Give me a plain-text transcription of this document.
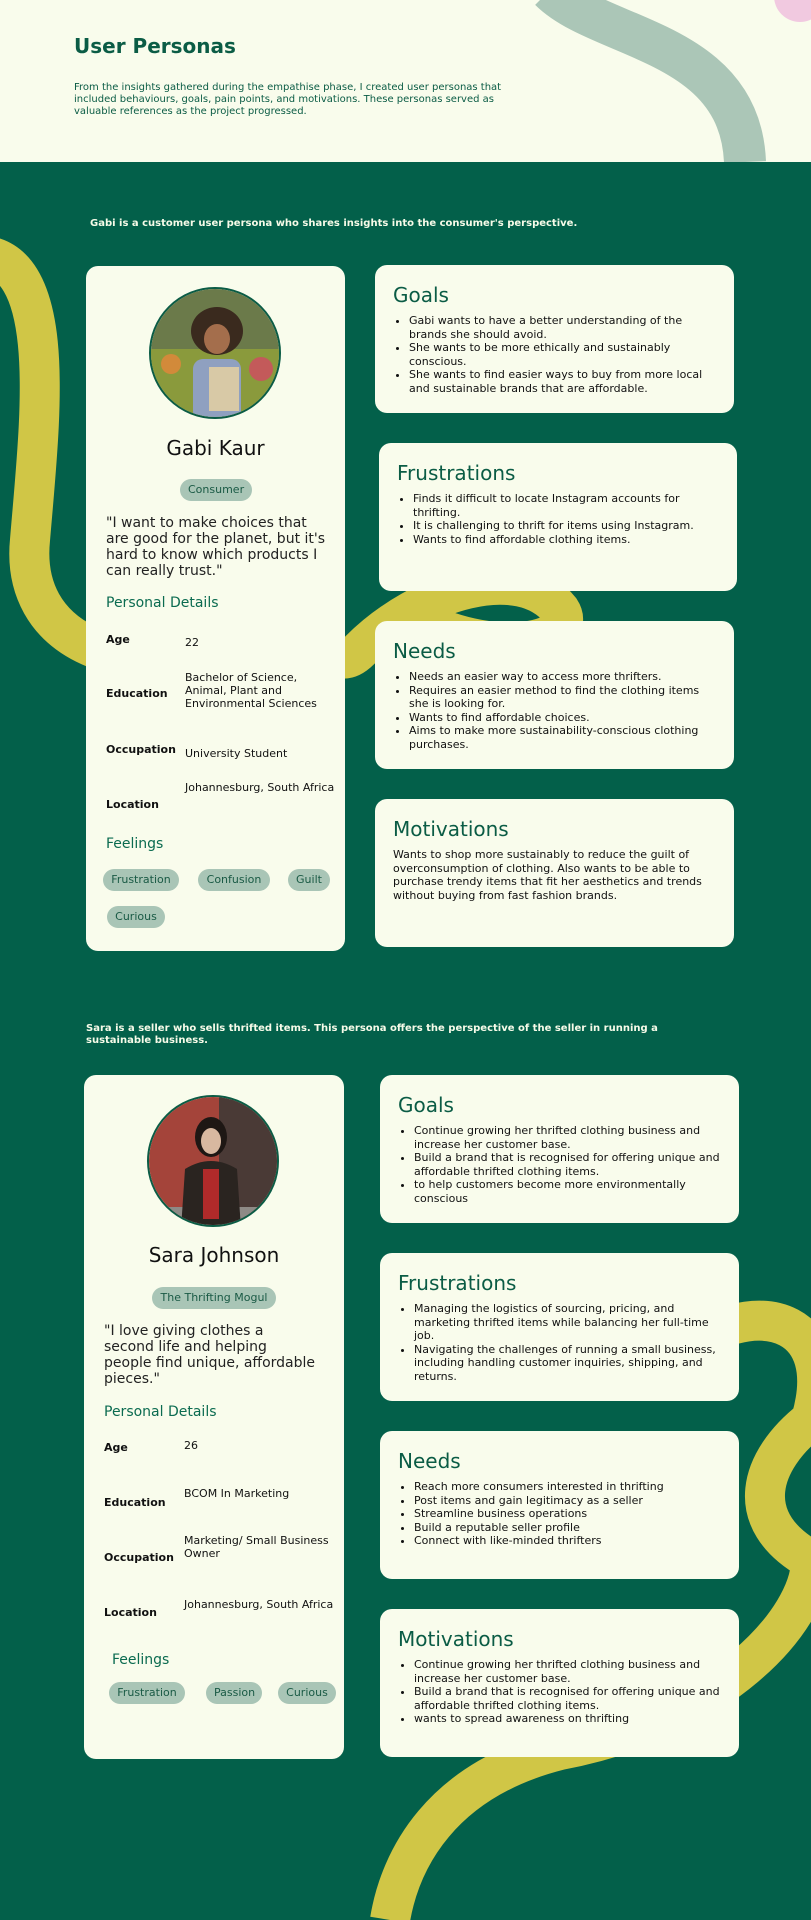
User Personas

From the insights gathered during the empathise phase, I created user personas that included behaviours, goals, pain points, and motivations. These personas served as valuable references as the project progressed.

Gabi is a customer user persona who shares insights into the consumer's perspective.
Gabi Kaur
Consumer
"I want to make choices that are good for the planet, but it's hard to know which products I can really trust."
Personal Details
Age	22
Education
Bachelor of Science, Animal, Plant and Environmental Sciences
Occupation University Student
Location
Johannesburg, South Africa
Feelings
Frustration	Confusion	Guilt
Curious
Goals
• Gabi wants to have a better understanding of the brands she should avoid.
• She wants to be more ethically and sustainably conscious.
• She wants to find easier ways to buy from more local and sustainable brands that are affordable.
Frustrations
• Finds it difficult to locate Instagram accounts for thrifting.
• It is challenging to thrift for items using Instagram.
• Wants to find affordable clothing items.
Needs
• Needs an easier way to access more thrifters.
• Requires an easier method to find the clothing items she is looking for.
• Wants to find affordable choices.
• Aims to make more sustainability-conscious clothing purchases.
Motivations

Wants to shop more sustainably to reduce the guilt of overconsumption of clothing. Also wants to be able to purchase trendy items that fit her aesthetics and trends without buying from fast fashion brands.

Sara is a seller who sells thrifted items. This persona offers the perspective of the seller in running a sustainable business.
Sara Johnson
The Thrifting Mogul
"I love giving clothes a second life and helping people find unique, affordable pieces."
Personal Details
Age	26
Education
BCOM In Marketing
Occupation
Marketing/ Small Business Owner
Location
Johannesburg, South Africa
Feelings
Frustration	Passion	Curious
Goals
• Continue growing her thrifted clothing business and increase her customer base.
• Build a brand that is recognised for offering unique and affordable thrifted clothing items.
• to help customers become more environmentally conscious
Frustrations
• Managing the logistics of sourcing, pricing, and marketing thrifted items while balancing her full-time job.
• Navigating the challenges of running a small business, including handling customer inquiries, shipping, and returns.
Needs
• Reach more consumers interested in thrifting
• Post items and gain legitimacy as a seller
• Streamline business operations
• Build a reputable seller profile
• Connect with like-minded thrifters
Motivations
• Continue growing her thrifted clothing business and increase her customer base.
• Build a brand that is recognised for offering unique and affordable thrifted clothing items.
• wants to spread awareness on thrifting
